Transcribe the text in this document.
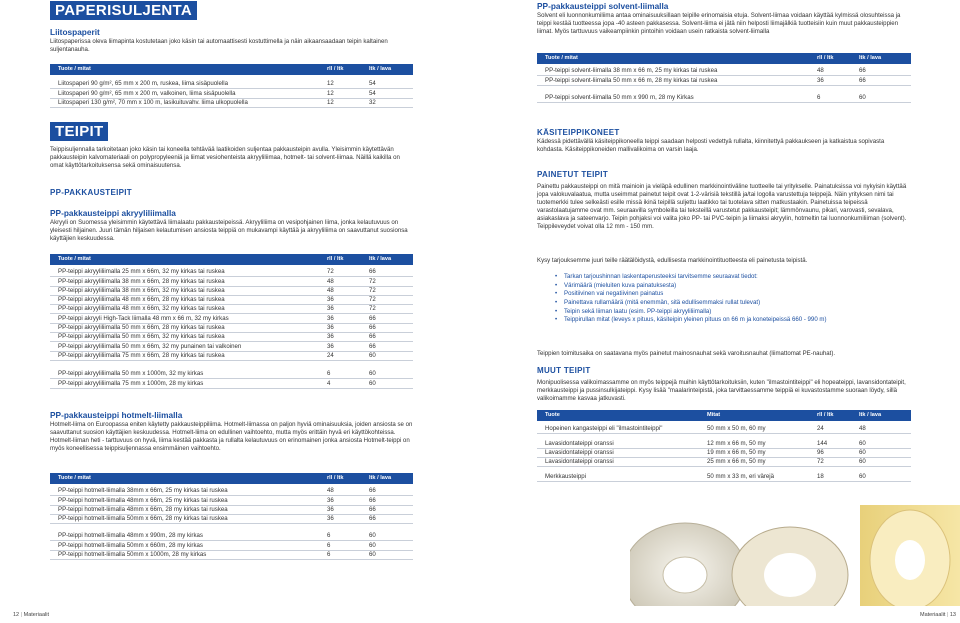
PAPERISULJENTA
Liitospaperit
Liitospaperissa oleva liimapinta kostutetaan joko käsin tai automaattisesti kostuttimella ja näin aikaansaadaan teipin kaltainen suljentanauha.
Tuote / mitat	rll / ltk	ltk / lava
Liitospaperi 90 g/m², 65 mm x 200 m, ruskea, liima sisäpuolella	12	54
Liitospaperi 90 g/m², 65 mm x 200 m, valkoinen, liima sisäpuolella	12	54
Liitospaperi 130 g/m², 70 mm x 100 m, lasikuituvahv. liima ulkopuolella	12	32
TEIPIT
Teippisuljennalla tarkoitetaan joko käsin tai koneella tehtävää laatikoiden suljentaa pakkausteipin avulla. Yleisimmin käytettävän pakkausteipin kalvomateriaali on polypropyleeniä ja liimat vesiohenteista akryyliliimaa, hotmelt- tai solvent-liimaa. Näillä kaikilla on omat käyttötarkoituksensa sekä ominaisuutensa.
PP-PAKKAUSTEIPIT
PP-pakkausteippi akryyliliimalla
Akryyli on Suomessa yleisimmin käytettävä liimalaatu pakkausteipeissä. Akryyliliima on vesipohjainen liima, jonka kelautuvuus on yleisesti hiljainen. Juuri tämän hiljaisen kelautumisen ansiosta teippiä on mukavampi käyttää ja akryyliliima on saavuttanut suosionsa käyttäjien keskuudessa.
Tuote / mitat	rll / ltk	ltk / lava
PP-teippi akryyliliimalla 25 mm x 66m, 32 my kirkas tai ruskea	72	66
PP-teippi akryyliliimalla 38 mm x 66m, 28 my kirkas tai ruskea	48	72
PP-teippi akryyliliimalla 38 mm x 66m, 32 my kirkas tai ruskea	48	72
PP-teippi akryyliliimalla 48 mm x 66m, 28 my kirkas tai ruskea	36	72
PP-teippi akryyliliimalla 48 mm x 66m, 32 my kirkas tai ruskea	36	72
PP-teippi akryyli High-Tack liimalla 48 mm x 66 m, 32 my kirkas	36	66
PP-teippi akryyliliimalla 50 mm x 66m, 28 my kirkas tai ruskea	36	66
PP-teippi akryyliliimalla 50 mm x 66m, 32 my kirkas tai ruskea	36	66
PP-teippi akryyliliimalla 50 mm x 66m, 32 my punainen tai valkoinen	36	66
PP-teippi akryyliliimalla 75 mm x 66m, 28 my kirkas tai ruskea	24	60
PP-teippi akryyliliimalla 50 mm x 1000m, 32 my kirkas	6	60
PP-teippi akryyliliimalla 75 mm x 1000m, 28 my kirkas	4	60
PP-pakkausteippi hotmelt-liimalla
Hotmelt-liima on Euroopassa eniten käytetty pakkausteippiliima. Hotmelt-liimassa on paljon hyviä ominaisuuksia, joiden ansiosta se on saavuttanut suosion käyttäjien keskuudessa. Hotmelt-liima on edullinen vaihtoehto, mutta myös erittäin hyvä eri käyttökohteissa. Hotmelt-liiman heti - tarttuvuus on hyvä, liima kestää pakkasta ja rullalta kelautuvuus on erinomainen jonka ansiosta Hotmelt-teippi on myös koneellisessa teippisuljennassa ensimmäinen vaihtoehto.
Tuote / mitat	rll / ltk	ltk / lava
PP-teippi hotmelt-liimalla 38mm x 66m, 25 my kirkas tai ruskea	48	66
PP-teippi hotmelt-liimalla 48mm x 66m, 25 my kirkas tai ruskea	36	66
PP-teippi hotmelt-liimalla 48mm x 66m, 28 my kirkas tai ruskea	36	66
PP-teippi hotmelt-liimalla 50mm x 66m, 28 my kirkas tai ruskea	36	66
PP-teippi hotmelt-liimalla 48mm x 990m, 28 my kirkas	6	60
PP-teippi hotmelt-liimalla 50mm x 660m, 28 my kirkas	6	60
PP-teippi hotmelt-liimalla 50mm x 1000m, 28 my kirkas	6	60
12 | Materiaalit
PP-pakkausteippi solvent-liimalla
Solvent eli luonnonkumiliima antaa ominaisuuksillaan teipille erinomaisia etuja. Solvent-liimaa voidaan käyttää kylmissä olosuhteissa ja teippi kestää tuotteessa jopa -40 asteen pakkasessa. Solvent-liima ei jätä niin helposti liimajälkiä tuotteisiin kuin muut pakkausteippien liimat. Myös tarttuvuus vaikeampiinkin pintoihin voidaan usein ratkaista solvent-liimalla
Tuote / mitat	rll / ltk	ltk / lava
PP-teippi solvent-liimalla 38 mm x 66 m, 25 my kirkas tai ruskea	48	66
PP-teippi solvent-liimalla 50 mm x 66 m, 28 my kirkas tai ruskea	36	66
PP-teippi solvent-liimalla 50 mm x 990 m, 28 my Kirkas	6	60
KÄSITEIPPIKONEET
Kädessä pidettävällä käsiteippikoneella teippi saadaan helposti vedettyä rullalta, kiinnitettyä pakkaukseen ja katkaistua sopivasta kohdasta. Käsiteippikoneiden mallivalikoima on varsin laaja.
PAINETUT TEIPIT
Painettu pakkausteippi on mitä mainioin ja vieläpä edullinen markkinointiväline tuotteelle tai yritykselle. Painatuksissa voi nykyisin käyttää jopa valokuvalaatua, mutta useimmat painetut teipit ovat 1-2-värisiä tekstillä ja/tai logolla varustettuja teippejä. Näin yrityksen nimi tai tuotemerkki tulee selkeästi esille missä ikinä teipillä suljettu laatikko tai tuotelava sitten matkustaakin. Painetuissa teipeissä varastolaatujamme ovat mm. seuraavilla symboleilla tai teksteillä varustetut pakkausteipit; lämmönvaunu, pikari, varovasti, sevalava, asiakaslava ja sateenvarjo. Teipin pohjaksi voi valita joko PP- tai PVC-teipin ja liimaksi akryylin, hotmeltin tai luonnonkumiliiman (solvent). Teippileveydet voivat olla 12 mm - 150 mm.
Kysy tarjouksemme juuri teille räätälöidystä, edullisesta markkinointituotteesta eli painetusta teipistä.
• Tarkan tarjoushinnan laskentaperusteeksi tarvitsemme seuraavat tiedot:
• Värimäärä (mieluiten kuva painatuksesta)
• Positiivinen vai negatiivinen painatus
• Painettava rullamäärä (mitä enemmän, sitä edullisemmaksi rullat tulevat)
• Teipin sekä liiman laatu (esim. PP-teippi akryyliliimalla)
• Teippirullan mitat (leveys x pituus, käsiteipin yleinen pituus on 66 m ja koneteipeissä 660 - 990 m)
Teippien toimitusaika on saatavana myös painetut mainosnauhat sekä varoitusnauhat (liimattomat PE-nauhat).
MUUT TEIPIT
Monipuolisessa valikoimassamme on myös teippejä muihin käyttötarkoituksiin, kuten "ilmastointiteippi" eli hopeateippi, lavansidontateipit, merkkausteippi ja pussinsulkijateippi. Kysy lisää "maalarinteipistä, joka tarvittaessamme teippiä ei kuvastostamme suoraan löydy, sillä valikoimamme kasvaa jatkuvasti.
Tuote	Mitat	rll / ltk	ltk / lava
Hopeinen kangasteippi eli "ilmastointiteippi"	50 mm x 50 m, 60 my	24	48
Lavasidontateippi oranssi	12 mm x 66 m, 50 my	144	60
Lavasidontateippi oranssi	19 mm x 66 m, 50 my	96	60
Lavasidontateippi oranssi	25 mm x 66 m, 50 my	72	60
Merkkausteippi	50 mm x 33 m, eri värejä	18	60
Materiaalit | 13
